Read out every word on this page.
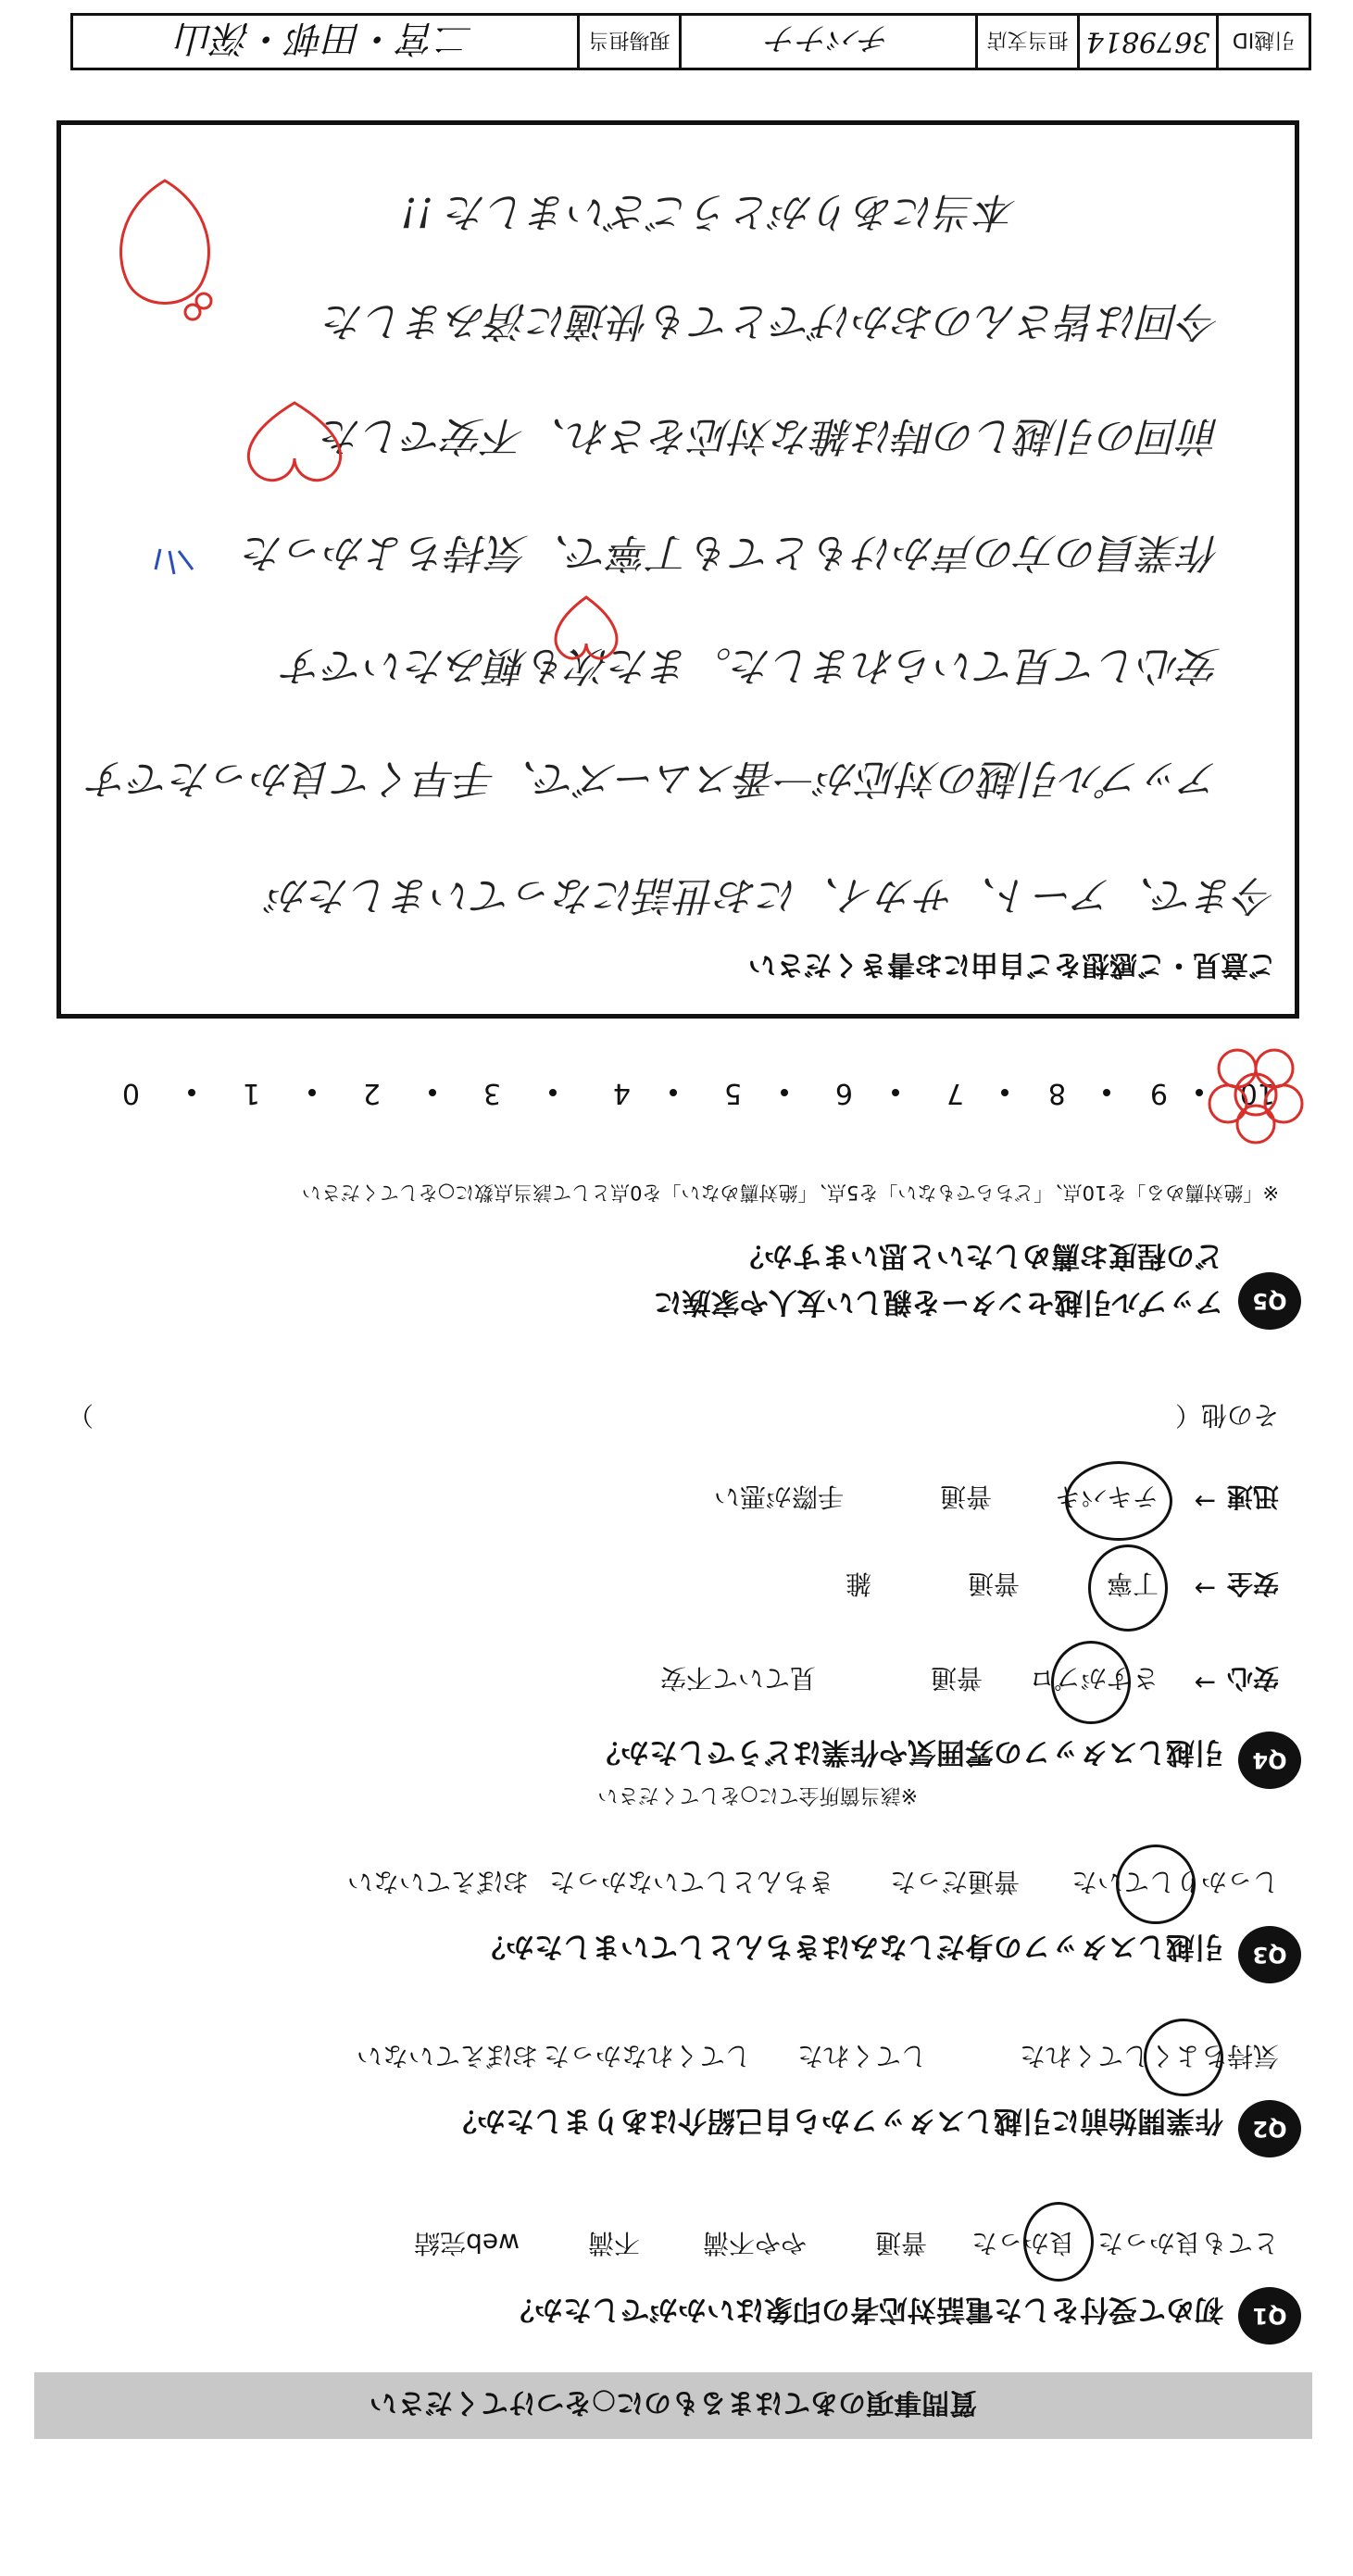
引越ID
3679814
担当支店
チバナナ
現場担当
二宮・田邨・深山
質問事項のあてはまるものに○をつけてください
Q1
初めて受付をした電話対応者の印象はいかがでしたか？
とても良かった
良かった
普通
やや不満
不満
web完結
Q2
作業開始前に引越しスタッフから自己紹介はありましたか？
気持ちよくしてくれた
してくれた
してくれなかった
おぼえていない
Q3
引越しスタッフの身だしなみはきちんとしていましたか？
しっかりしていた
普通だった
きちんとしていなかった
おぼえていない
Q4
引越しスタッフの雰囲気や作業はどうでしたか？
※該当箇所全てに○をしてください
安心
→
さすがプロ
普通
見ていて不安
安全
→
丁寧
普通
雑
迅速
→
テキパキ
普通
手際が悪い
その他（
）
Q5
アップル引越センターを親しい友人や家族に
どの程度お薦めしたいと思いますか？
※「絶対薦める」を10点、「どちらでもない」を5点、「絶対薦めない」を0点として該当点数に○をしてください
10
9
8
7
6
5
4
3
2
1
0
ご意見・ご感想をご自由にお書きください
今まで、アート、サカイ、にお世話になっていましたが
アップル引越の対応が一番スムーズで、手早くて良かったです
安心して見ていられました。また次も頼みたいです
作業員の方の声かけもとても丁寧で、気持ちよかった
前回の引越しの時は雑な対応をされ、不安でした
今回は皆さんのおかげでとても快適に済みました
本当にありがとうございました !!
